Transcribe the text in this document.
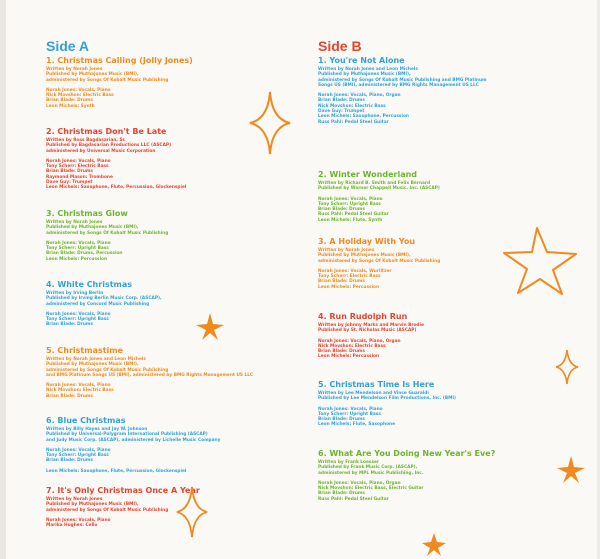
Side A	Side B
1. Christmas Calling (Jolly Jones)
Written by Norah Jones
Published by Muthajones Music (BMI),
administered by Songs Of Kobalt Music Publishing
Norah Jones: Vocals, Piano
Nick Movshon: Electric Bass
Brian Blade: Drums
Leon Michels: Synth
2. Christmas Don't Be Late
Written by Ross Bagdasarian, Sr.
Published by Bagdasarian Productions LLC (ASCAP)
administered by Universal Music Corporation
Norah Jones: Vocals, Piano
Tony Scherr: Electric Bass
Brian Blade: Drums
Raymond Mason: Trombone
Dave Guy: Trumpet
Leon Michels: Saxophone, Flute, Percussion, Glockenspiel
3. Christmas Glow
Written by Norah Jones
Published by Muthajones Music (BMI),
administered by Songs Of Kobalt Music Publishing
Norah Jones: Vocals, Piano
Tony Scherr: Upright Bass
Brian Blade: Drums, Percussion
Leon Michels: Percussion
4. White Christmas
Written by Irving Berlin
Published by Irving Berlin Music Corp. (ASCAP),
administered by Concord Music Publishing
Norah Jones: Vocals, Piano
Tony Scherr: Upright Bass
Brian Blade: Drums
5. Christmastime
Written by Norah Jones and Leon Michels
Published by Muthajones Music (BMI),
administered by Songs Of Kobalt Music Publishing
and BMG Platinum Songs US (BMI), administered by BMG Rights Management US LLC
Norah Jones: Vocals, Piano
Nick Movshon: Electric Bass
Brian Blade: Drums
6. Blue Christmas
Written by Billy Hayes and Jay W. Johnson
Published by Universal-Polygram International Publishing (ASCAP)
and Judy Music Corp. (ASCAP), administered by Lichelle Music Company
Norah Jones: Vocals, Piano
Tony Scherr: Upright Bass
Brian Blade: Drums
Leon Michels: Saxophone, Flute, Percussion, Glockenspiel
7. It's Only Christmas Once A Year
Written by Norah Jones
Published by Muthajones Music (BMI),
administered by Songs Of Kobalt Music Publishing
Norah Jones: Vocals, Piano
Marika Hughes: Cello
1. You're Not Alone
Written by Norah Jones and Leon Michels
Published by Muthajones Music (BMI),
administered by Songs Of Kobalt Music Publishing and BMG Platinum
Songs US (BMI), administered by BMG Rights Management US LLC
Norah Jones: Vocals, Piano, Organ
Brian Blade: Drums
Nick Movshon: Electric Bass
Dave Guy: Trumpet
Leon Michels: Saxophone, Percussion
Russ Pahl: Pedal Steel Guitar
2. Winter Wonderland
Written by Richard B. Smith and Felix Bernard
Published by Warner Chappell Music, Inc. (ASCAP)
Norah Jones: Vocals, Piano
Tony Scherr: Upright Bass
Brian Blade: Drums
Russ Pahl: Pedal Steel Guitar
Leon Michels: Flute, Synth
3. A Holiday With You
Written by Norah Jones
Published by Muthajones Music (BMI),
administered by Songs Of Kobalt Music Publishing
Norah Jones: Vocals, Wurlitzer
Tony Scherr: Electric Bass
Brian Blade: Drums
Leon Michels: Percussion
4. Run Rudolph Run
Written by Johnny Marks and Marvin Brodie
Published by St. Nicholas Music (ASCAP)
Norah Jones: Vocals, Piano, Organ
Nick Movshon: Electric Bass
Brian Blade: Drums
Leon Michels: Percussion
5. Christmas Time Is Here
Written by Lee Mendelson and Vince Guaraldi
Published by Lee Mendelson Film Productions, Inc. (BMI)
Norah Jones: Vocals, Piano
Tony Scherr: Upright Bass
Brian Blade: Drums
Leon Michels: Flute, Saxophone
6. What Are You Doing New Year's Eve?
Written by Frank Loesser
Published by Frank Music Corp. (ASCAP),
administered by MPL Music Publishing, Inc.
Norah Jones: Vocals, Piano, Organ
Nick Movshon: Electric Bass, Electric Guitar
Brian Blade: Drums
Russ Pahl: Pedal Steel Guitar
